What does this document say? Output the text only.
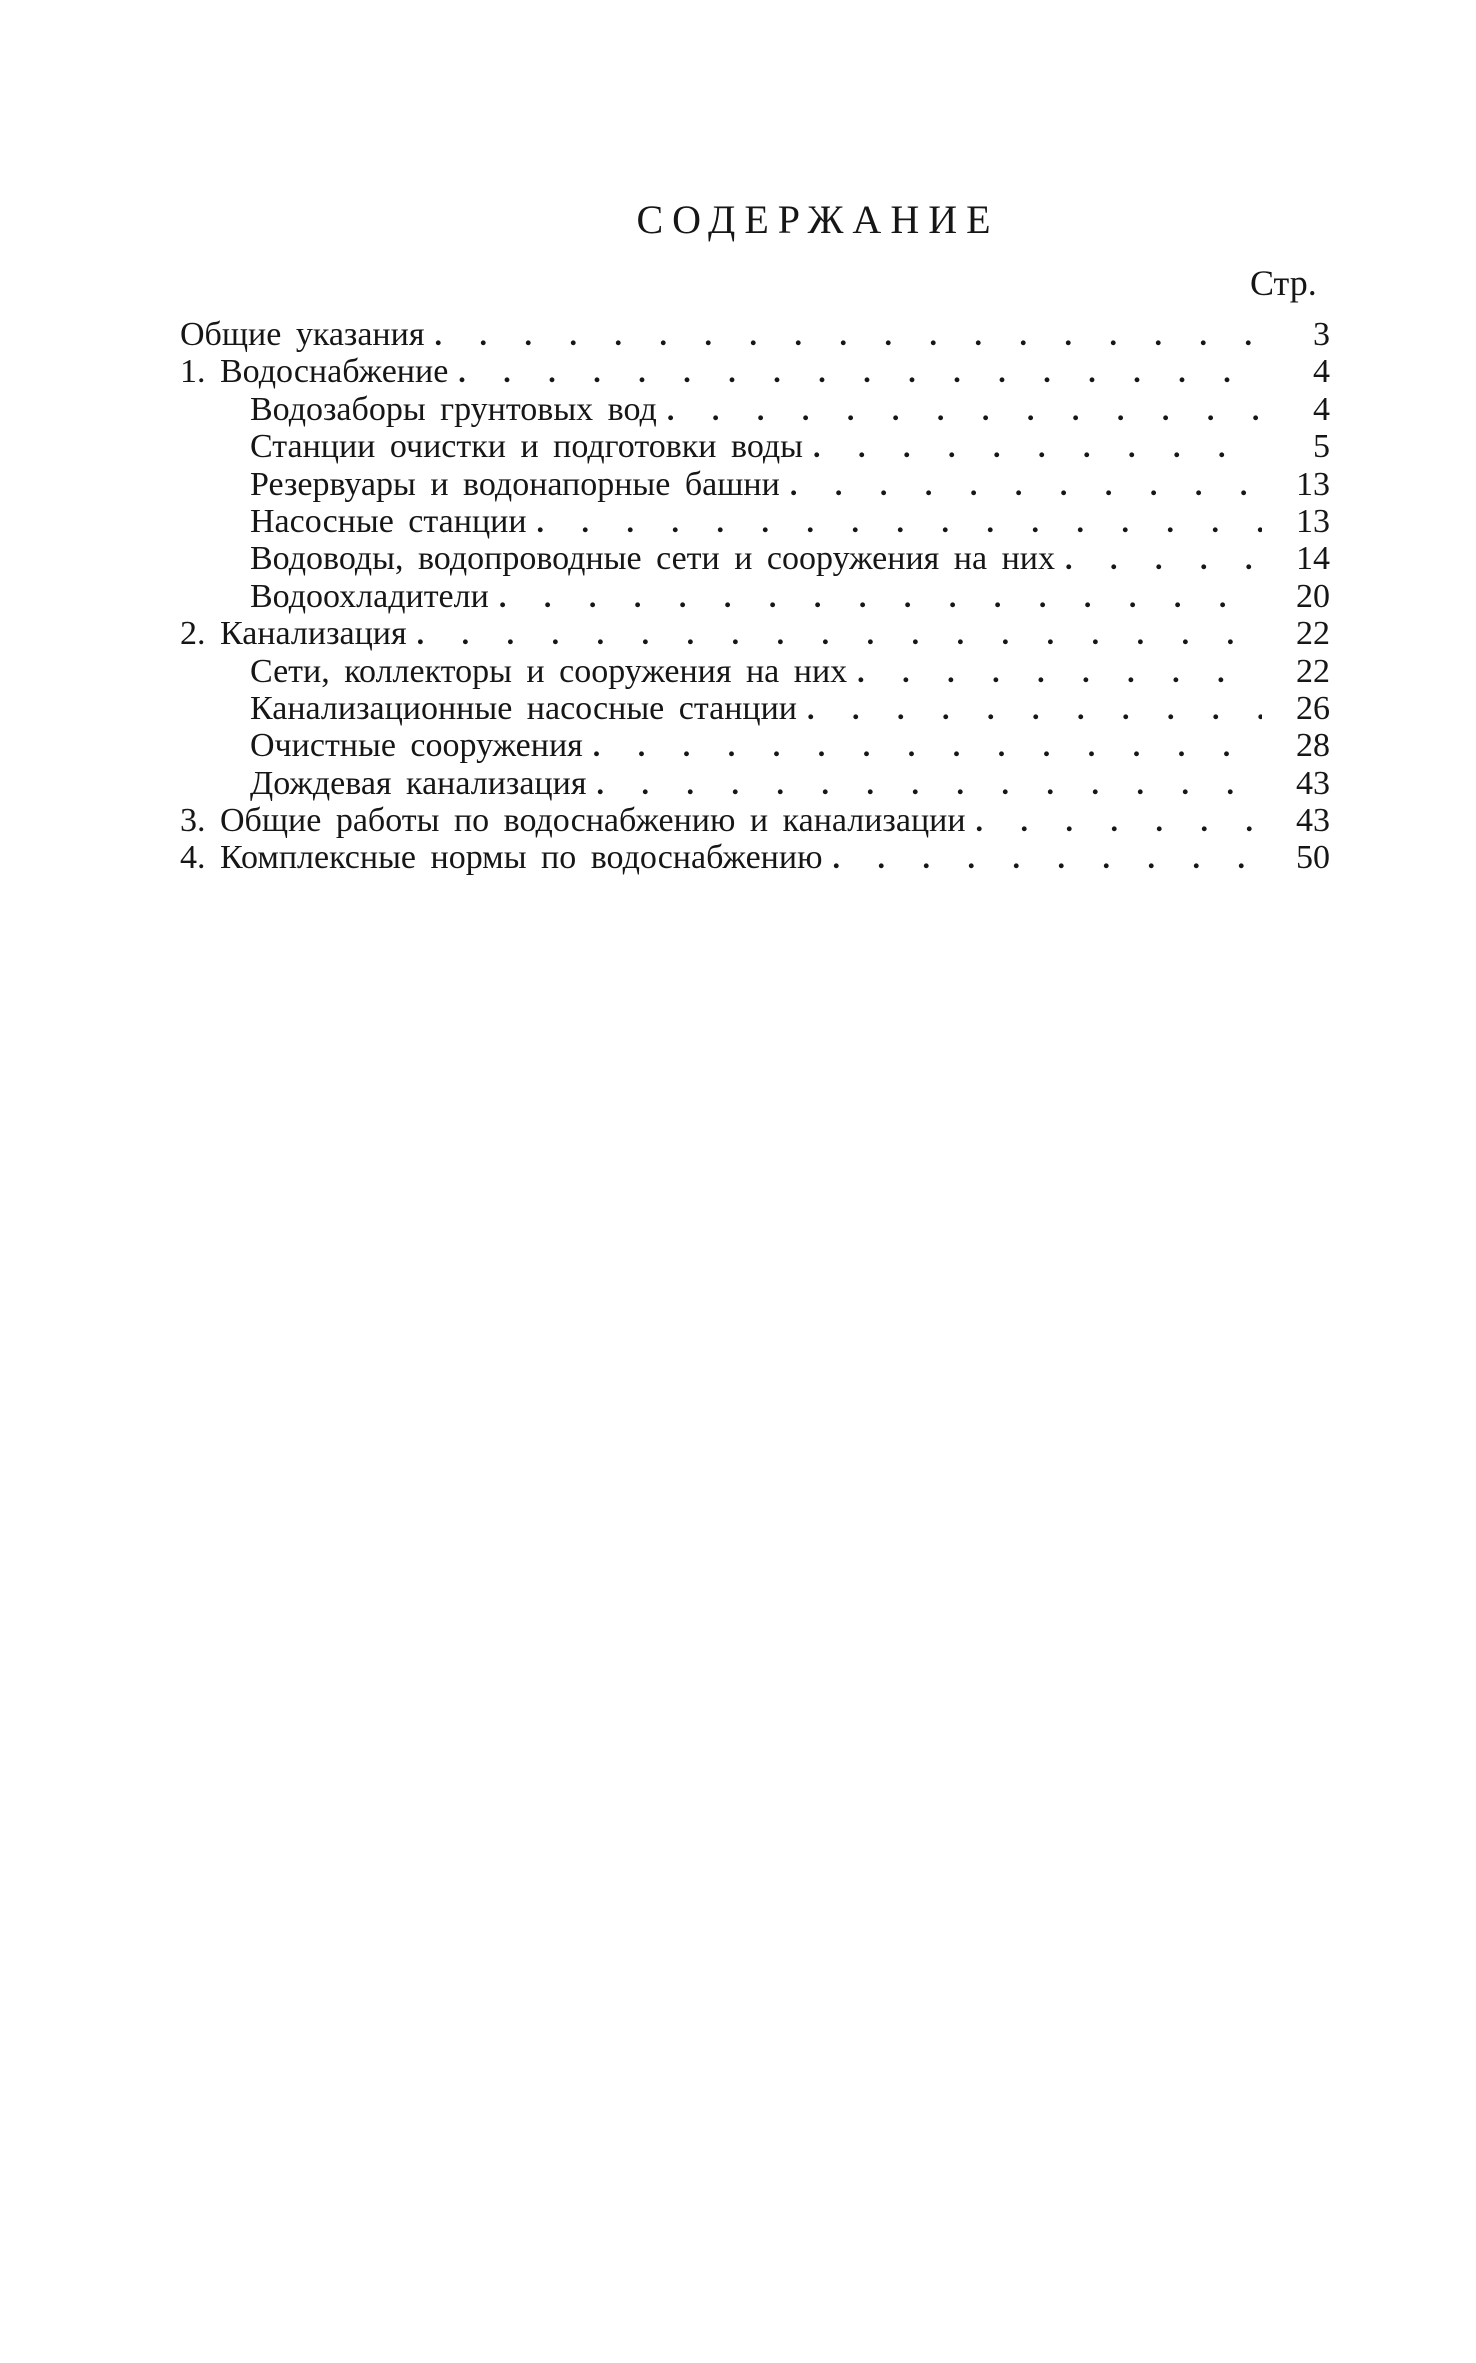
СОДЕРЖАНИЕ
Стр.
Общие указания . . .	3
1. Водоснабжение . . .	4
Водозаборы грунтовых вод . . .	4
Станции очистки и подготовки воды . . .	5
Резервуары и водонапорные башни . . .	13
Насосные станции . . .	13
Водоводы, водопроводные сети и сооружения на них . . .	14
Водоохладители . . .	20
2. Канализация . . .	22
Сети, коллекторы и сооружения на них . . .	22
Канализационные насосные станции . . .	26
Очистные сооружения . . .	28
Дождевая канализация . . .	43
3. Общие работы по водоснабжению и канализации . . .	43
4. Комплексные нормы по водоснабжению . . .	50
